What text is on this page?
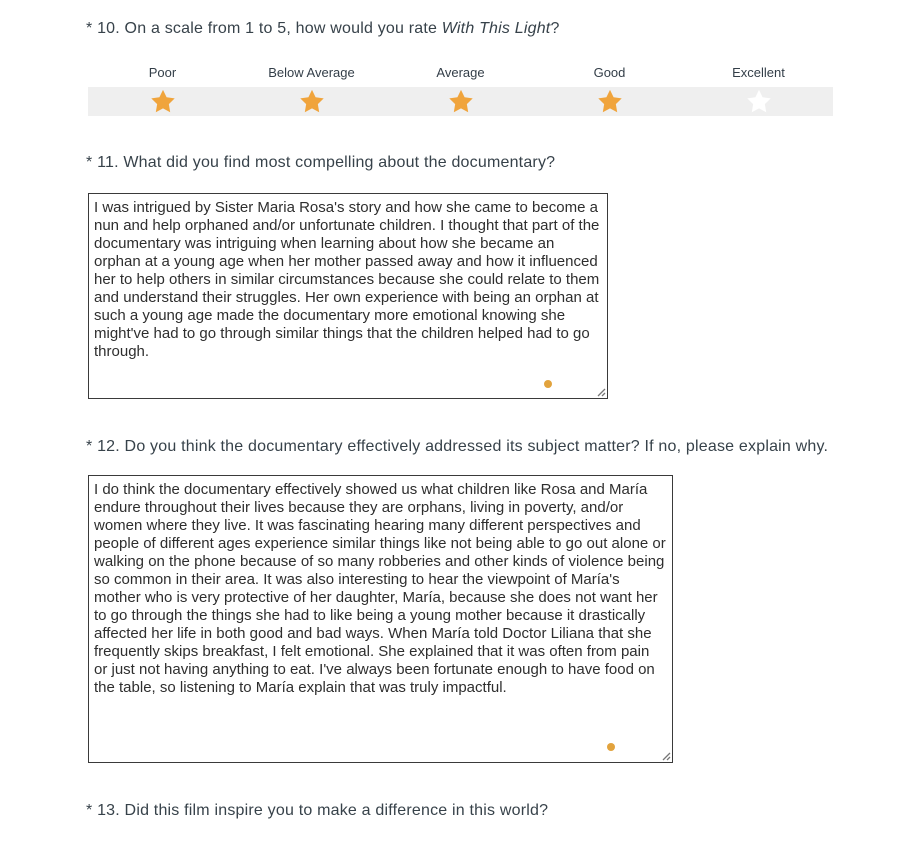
* 10. On a scale from 1 to 5, how would you rate With This Light?
Poor	Below Average	Average	Good	Excellent
* 11. What did you find most compelling about the documentary?
I was intrigued by Sister Maria Rosa's story and how she came to become a nun and help orphaned and/or unfortunate children. I thought that part of the documentary was intriguing when learning about how she became an orphan at a young age when her mother passed away and how it influenced her to help others in similar circumstances because she could relate to them and understand their struggles. Her own experience with being an orphan at such a young age made the documentary more emotional knowing she might've had to go through similar things that the children helped had to go through.
* 12. Do you think the documentary effectively addressed its subject matter? If no, please explain why.
I do think the documentary effectively showed us what children like Rosa and María endure throughout their lives because they are orphans, living in poverty, and/or women where they live. It was fascinating hearing many different perspectives and people of different ages experience similar things like not being able to go out alone or walking on the phone because of so many robberies and other kinds of violence being so common in their area. It was also interesting to hear the viewpoint of María's mother who is very protective of her daughter, María, because she does not want her to go through the things she had to like being a young mother because it drastically affected her life in both good and bad ways. When María told Doctor Liliana that she frequently skips breakfast, I felt emotional. She explained that it was often from pain or just not having anything to eat. I've always been fortunate enough to have food on the table, so listening to María explain that was truly impactful.
* 13. Did this film inspire you to make a difference in this world?
